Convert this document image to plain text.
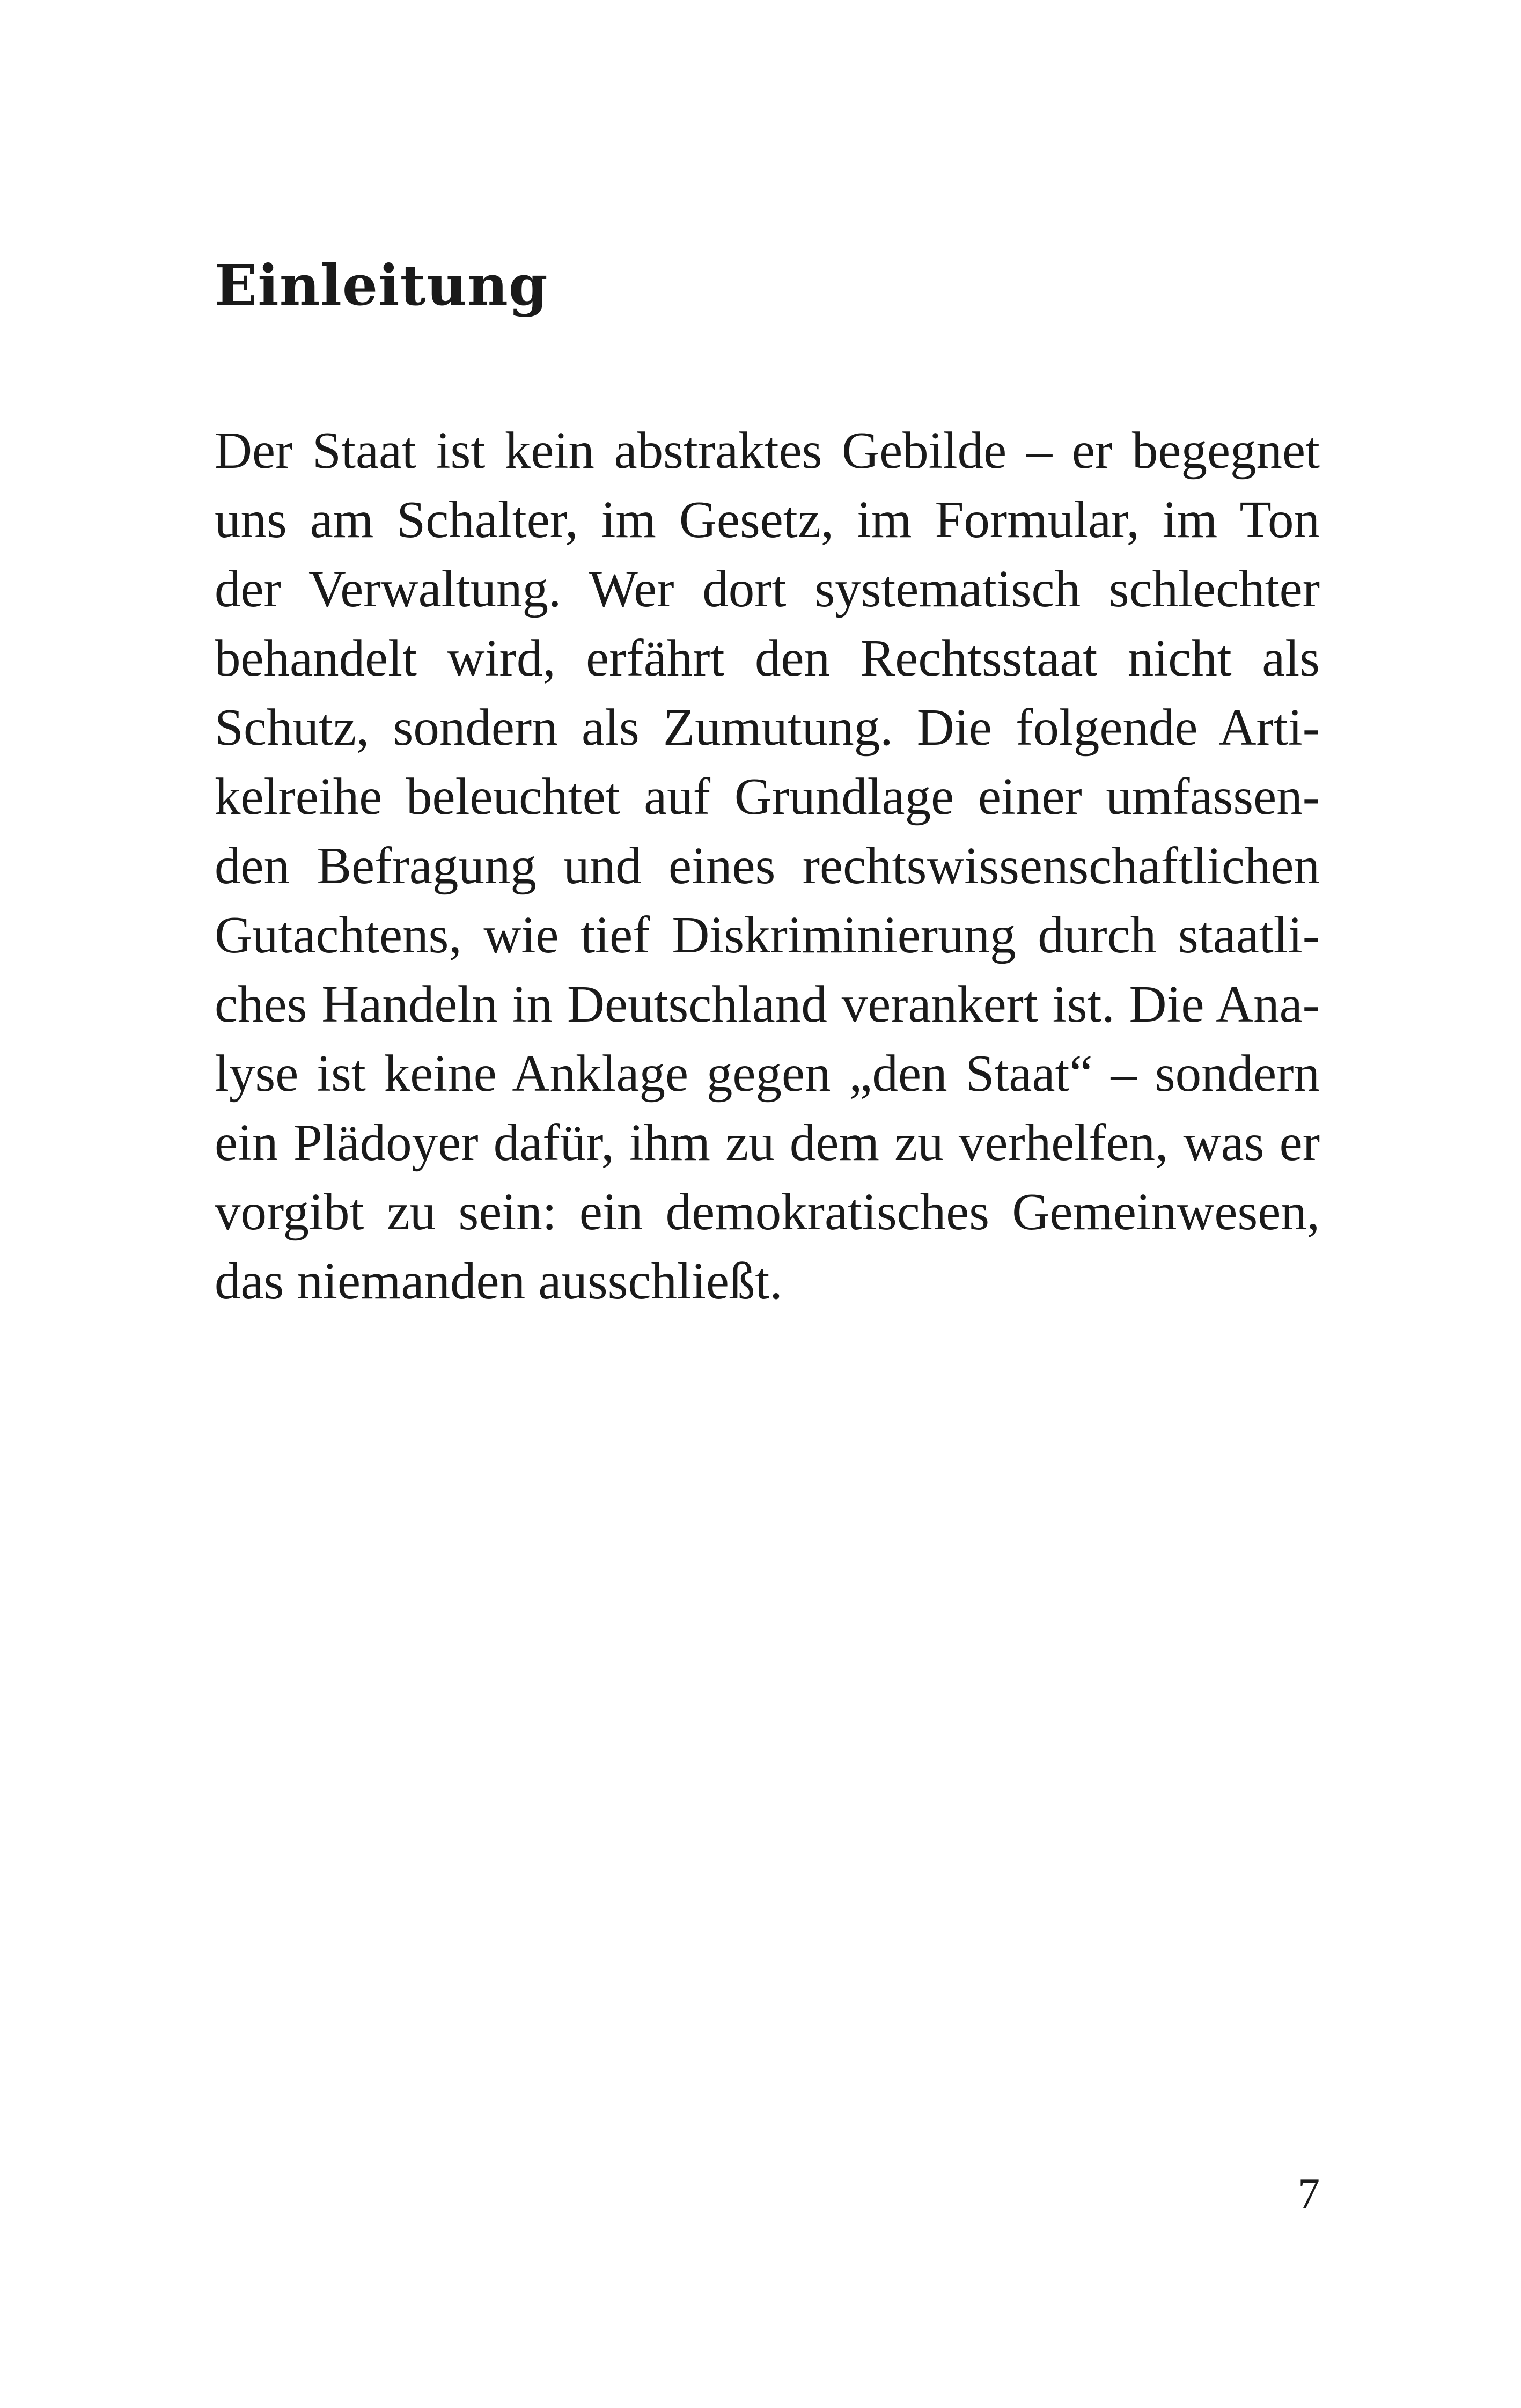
Einleitung
Der Staat ist kein abstraktes Gebilde – er begegnet
uns am Schalter, im Gesetz, im Formular, im Ton
der Verwaltung. Wer dort systematisch schlechter
behandelt wird, erfährt den Rechtsstaat nicht als
Schutz, sondern als Zumutung. Die folgende Arti-
kelreihe beleuchtet auf Grundlage einer umfassen-
den Befragung und eines rechtswissenschaftlichen
Gutachtens, wie tief Diskriminierung durch staatli-
ches Handeln in Deutschland verankert ist. Die Ana-
lyse ist keine Anklage gegen „den Staat“ – sondern
ein Plädoyer dafür, ihm zu dem zu verhelfen, was er
vorgibt zu sein: ein demokratisches Gemeinwesen,
das niemanden ausschließt.
7
